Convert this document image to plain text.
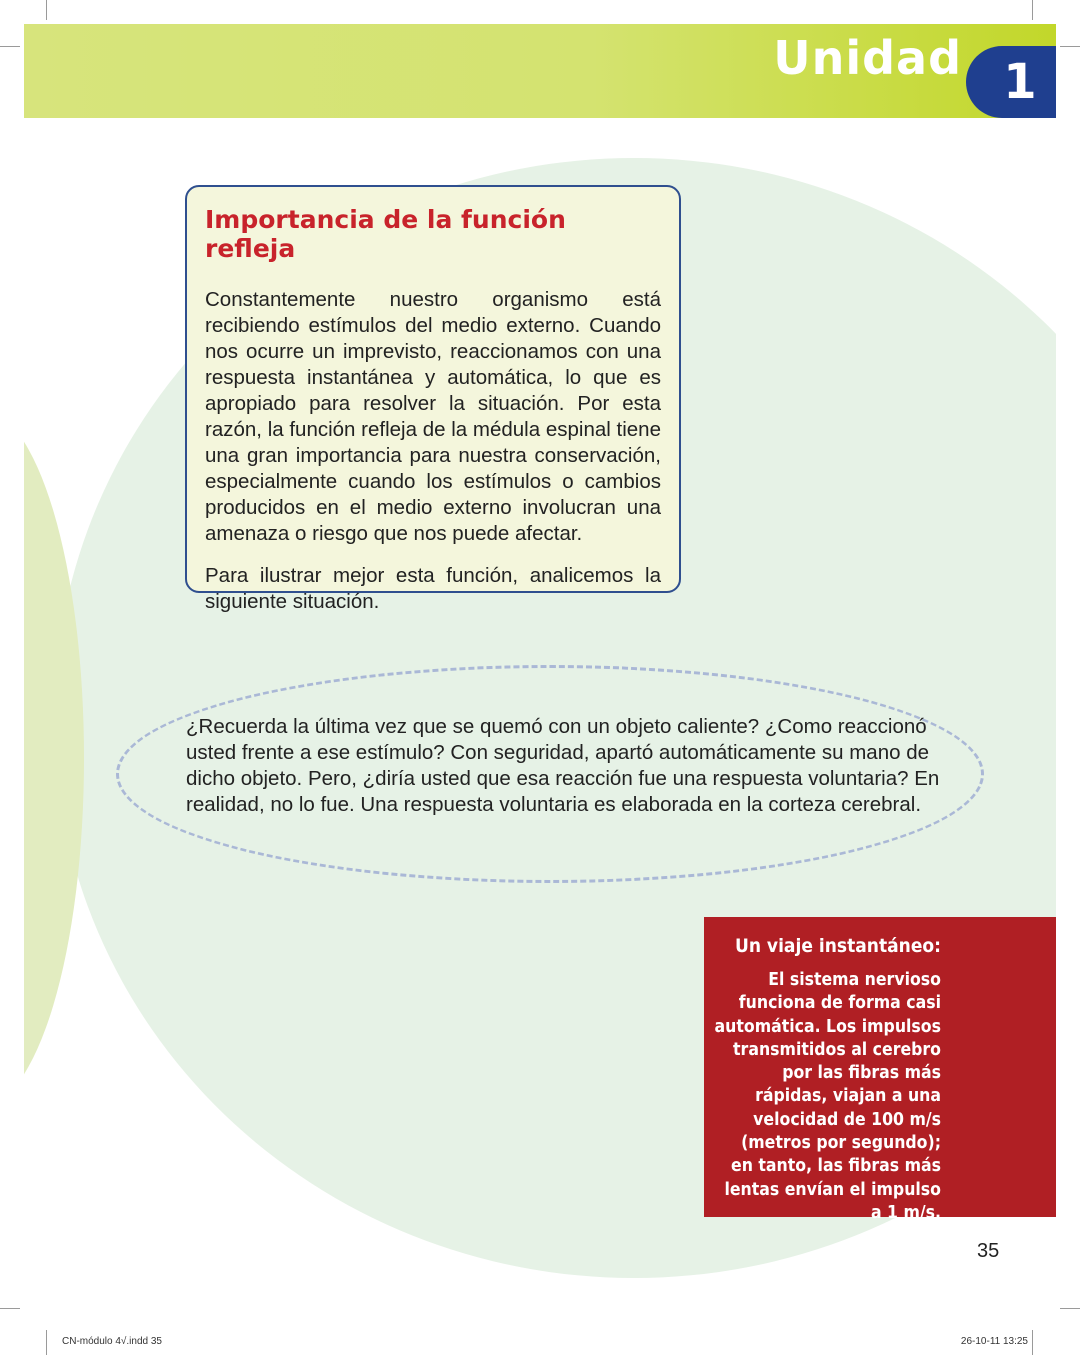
Unidad 1
Importancia de la función refleja

Constantemente nuestro organismo está recibiendo estímulos del medio externo. Cuando nos ocurre un imprevisto, reaccionamos con una respuesta instantánea y automática, lo que es apropiado para resolver la situación. Por esta razón, la función refleja de la médula espinal tiene una gran importancia para nuestra conservación, especialmente cuando los estímulos o cambios producidos en el medio externo involucran una amenaza o riesgo que nos puede afectar.

Para ilustrar mejor esta función, analicemos la siguiente situación.

¿Recuerda la última vez que se quemó con un objeto caliente? ¿Como reaccionó usted frente a ese estímulo? Con seguridad, apartó automáticamente su mano de dicho objeto. Pero, ¿diría usted que esa reacción fue una respuesta voluntaria? En realidad, no lo fue. Una respuesta voluntaria es elaborada en la corteza cerebral.

Un viaje instantáneo:

El sistema nervioso funciona de forma casi automática. Los impulsos transmitidos al cerebro por las fibras más rápidas, viajan a una velocidad de 100 m/s (metros por segundo); en tanto, las fibras más lentas envían el impulso a 1 m/s.

35
CN-módulo 4√.indd 35	26-10-11 13:25
